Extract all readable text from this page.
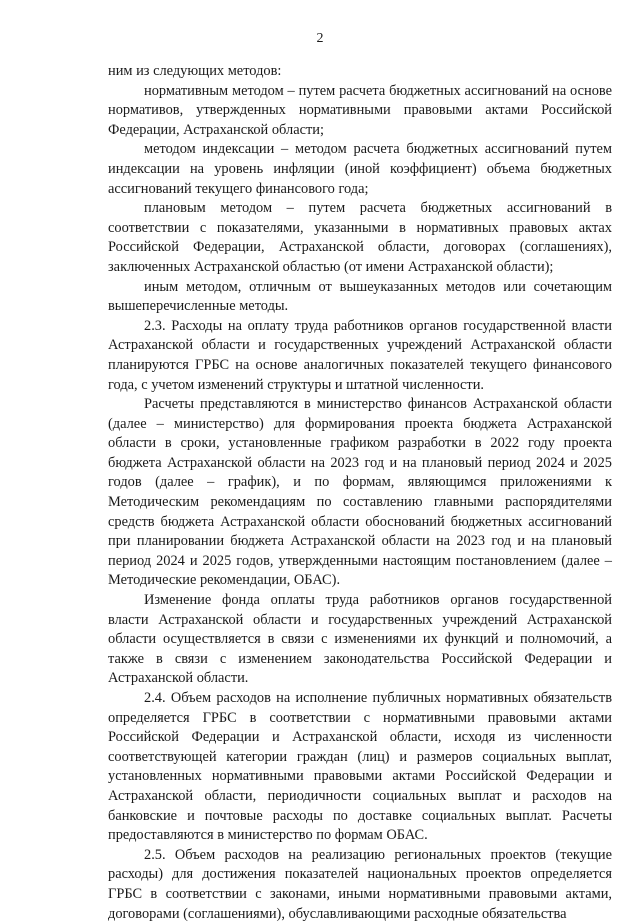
2

ним из следующих методов:

нормативным методом – путем расчета бюджетных ассигнований на основе нормативов, утвержденных нормативными правовыми актами Российской Федерации, Астраханской области;

методом индексации – методом расчета бюджетных ассигнований путем индексации на уровень инфляции (иной коэффициент) объема бюджетных ассигнований текущего финансового года;

плановым методом – путем расчета бюджетных ассигнований в соответствии с показателями, указанными в нормативных правовых актах Российской Федерации, Астраханской области, договорах (соглашениях), заключенных Астраханской областью (от имени Астраханской области);

иным методом, отличным от вышеуказанных методов или сочетающим вышеперечисленные методы.

2.3. Расходы на оплату труда работников органов государственной власти Астраханской области и государственных учреждений Астраханской области планируются ГРБС на основе аналогичных показателей текущего финансового года, с учетом изменений структуры и штатной численности.

Расчеты представляются в министерство финансов Астраханской области (далее – министерство) для формирования проекта бюджета Астраханской области в сроки, установленные графиком разработки в 2022 году проекта бюджета Астраханской области на 2023 год и на плановый период 2024 и 2025 годов (далее – график), и по формам, являющимся приложениями к Методическим рекомендациям по составлению главными распорядителями средств бюджета Астраханской области обоснований бюджетных ассигнований при планировании бюджета Астраханской области на 2023 год и на плановый период 2024 и 2025 годов, утвержденными настоящим постановлением (далее – Методические рекомендации, ОБАС).

Изменение фонда оплаты труда работников органов государственной власти Астраханской области и государственных учреждений Астраханской области осуществляется в связи с изменениями их функций и полномочий, а также в связи с изменением законодательства Российской Федерации и Астраханской области.

2.4. Объем расходов на исполнение публичных нормативных обязательств определяется ГРБС в соответствии с нормативными правовыми актами Российской Федерации и Астраханской области, исходя из численности соответствующей категории граждан (лиц) и размеров социальных выплат, установленных нормативными правовыми актами Российской Федерации и Астраханской области, периодичности социальных выплат и расходов на банковские и почтовые расходы по доставке социальных выплат. Расчеты предоставляются в министерство по формам ОБАС.

2.5. Объем расходов на реализацию региональных проектов (текущие расходы) для достижения показателей национальных проектов определяется ГРБС в соответствии с законами, иными нормативными правовыми актами, договорами (соглашениями), обуславливающими расходные обязательства
